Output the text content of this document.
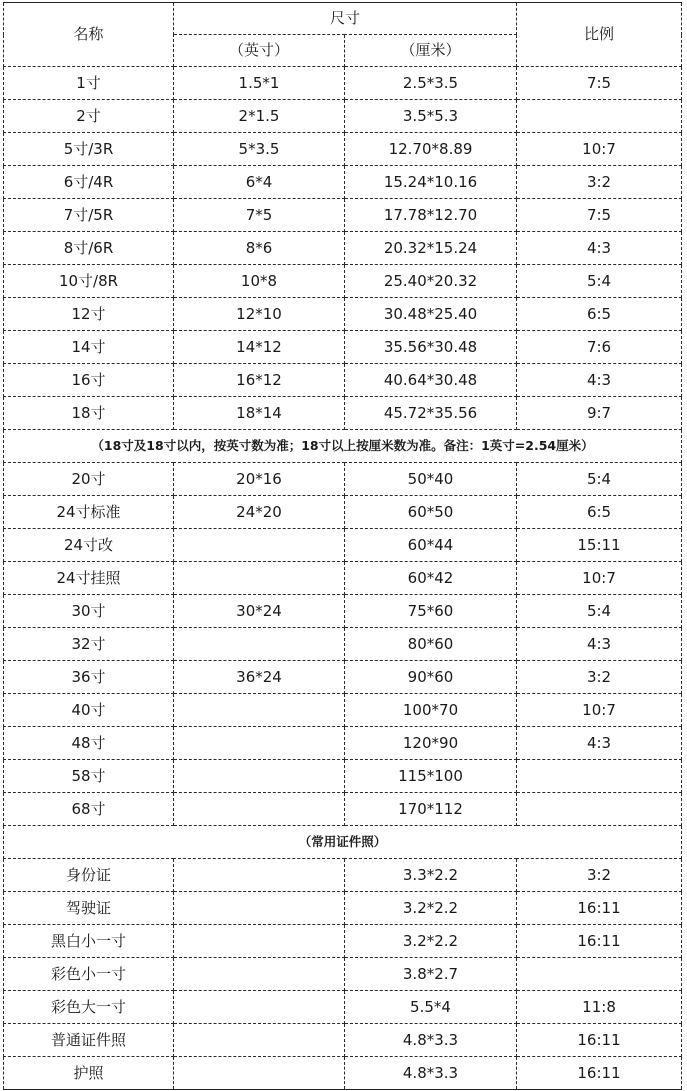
名称	尺寸		比例
	（英寸）	（厘米）	
1寸	1.5*1	2.5*3.5	7:5
2寸	2*1.5	3.5*5.3	
5寸/3R	5*3.5	12.70*8.89	10:7
6寸/4R	6*4	15.24*10.16	3:2
7寸/5R	7*5	17.78*12.70	7:5
8寸/6R	8*6	20.32*15.24	4:3
10寸/8R	10*8	25.40*20.32	5:4
12寸	12*10	30.48*25.40	6:5
14寸	14*12	35.56*30.48	7:6
16寸	16*12	40.64*30.48	4:3
18寸	18*14	45.72*35.56	9:7
（18寸及18寸以内，按英寸数为准；18寸以上按厘米数为准。备注：1英寸=2.54厘米）			
20寸	20*16	50*40	5:4
24寸标准	24*20	60*50	6:5
24寸改		60*44	15:11
24寸挂照		60*42	10:7
30寸	30*24	75*60	5:4
32寸		80*60	4:3
36寸	36*24	90*60	3:2
40寸		100*70	10:7
48寸		120*90	4:3
58寸		115*100	
68寸		170*112	
（常用证件照）			
身份证		3.3*2.2	3:2
驾驶证		3.2*2.2	16:11
黑白小一寸		3.2*2.2	16:11
彩色小一寸		3.8*2.7	
彩色大一寸		5.5*4	11:8
普通证件照		4.8*3.3	16:11
护照		4.8*3.3	16:11
